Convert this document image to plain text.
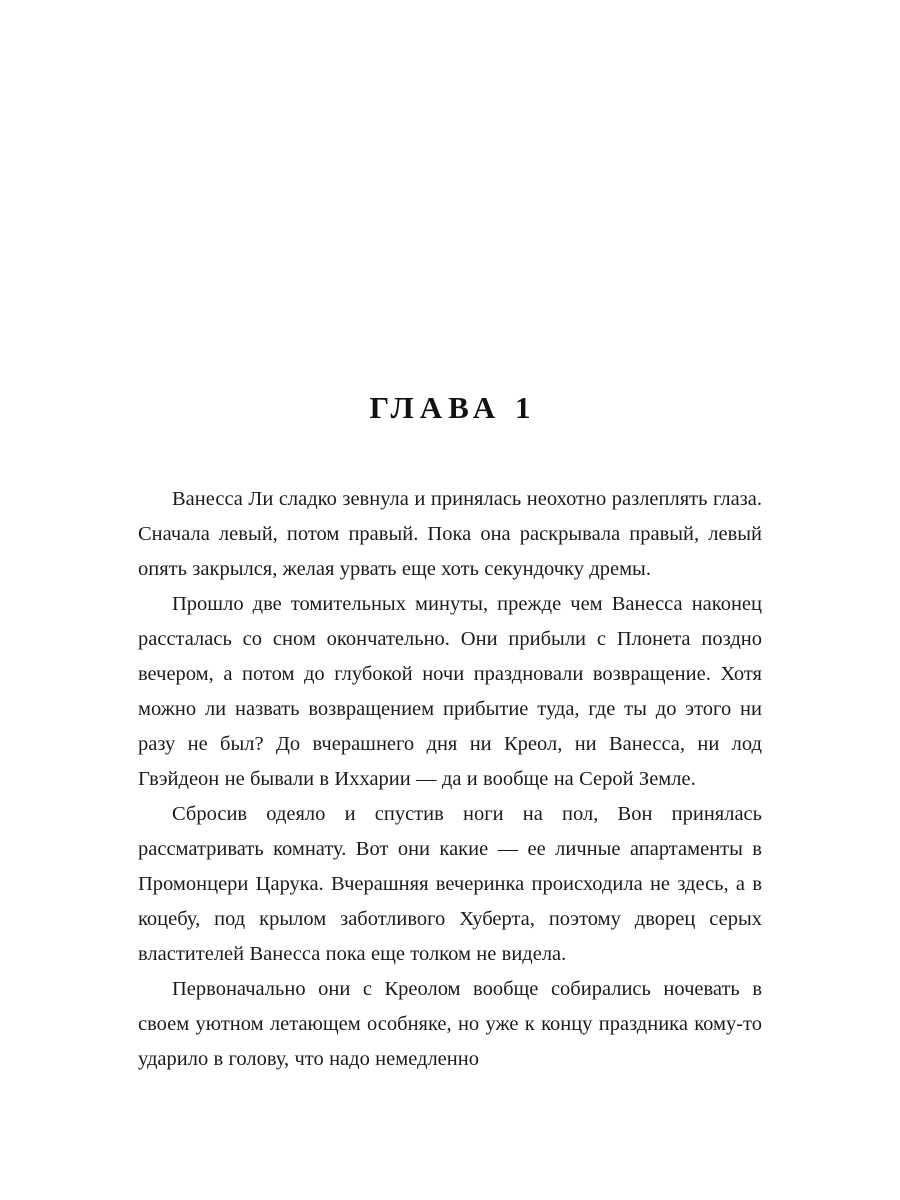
ГЛАВА 1

Ванесса Ли сладко зевнула и принялась неохотно разлеплять глаза. Сначала левый, потом правый. Пока она раскрывала правый, левый опять закрылся, желая урвать еще хоть секундочку дремы.

Прошло две томительных минуты, прежде чем Ванесса наконец рассталась со сном окончательно. Они прибыли с Плонета поздно вечером, а потом до глубокой ночи праздновали возвращение. Хотя можно ли назвать возвращением прибытие туда, где ты до этого ни разу не был? До вчерашнего дня ни Креол, ни Ванесса, ни лод Гвэйдеон не бывали в Иххарии — да и вообще на Серой Земле.

Сбросив одеяло и спустив ноги на пол, Вон принялась рассматривать комнату. Вот они какие — ее личные апартаменты в Промонцери Царука. Вчерашняя вечеринка происходила не здесь, а в коцебу, под крылом заботливого Хуберта, поэтому дворец серых властителей Ванесса пока еще толком не видела.

Первоначально они с Креолом вообще собирались ночевать в своем уютном летающем особняке, но уже к концу праздника кому-то ударило в голову, что надо немедленно
